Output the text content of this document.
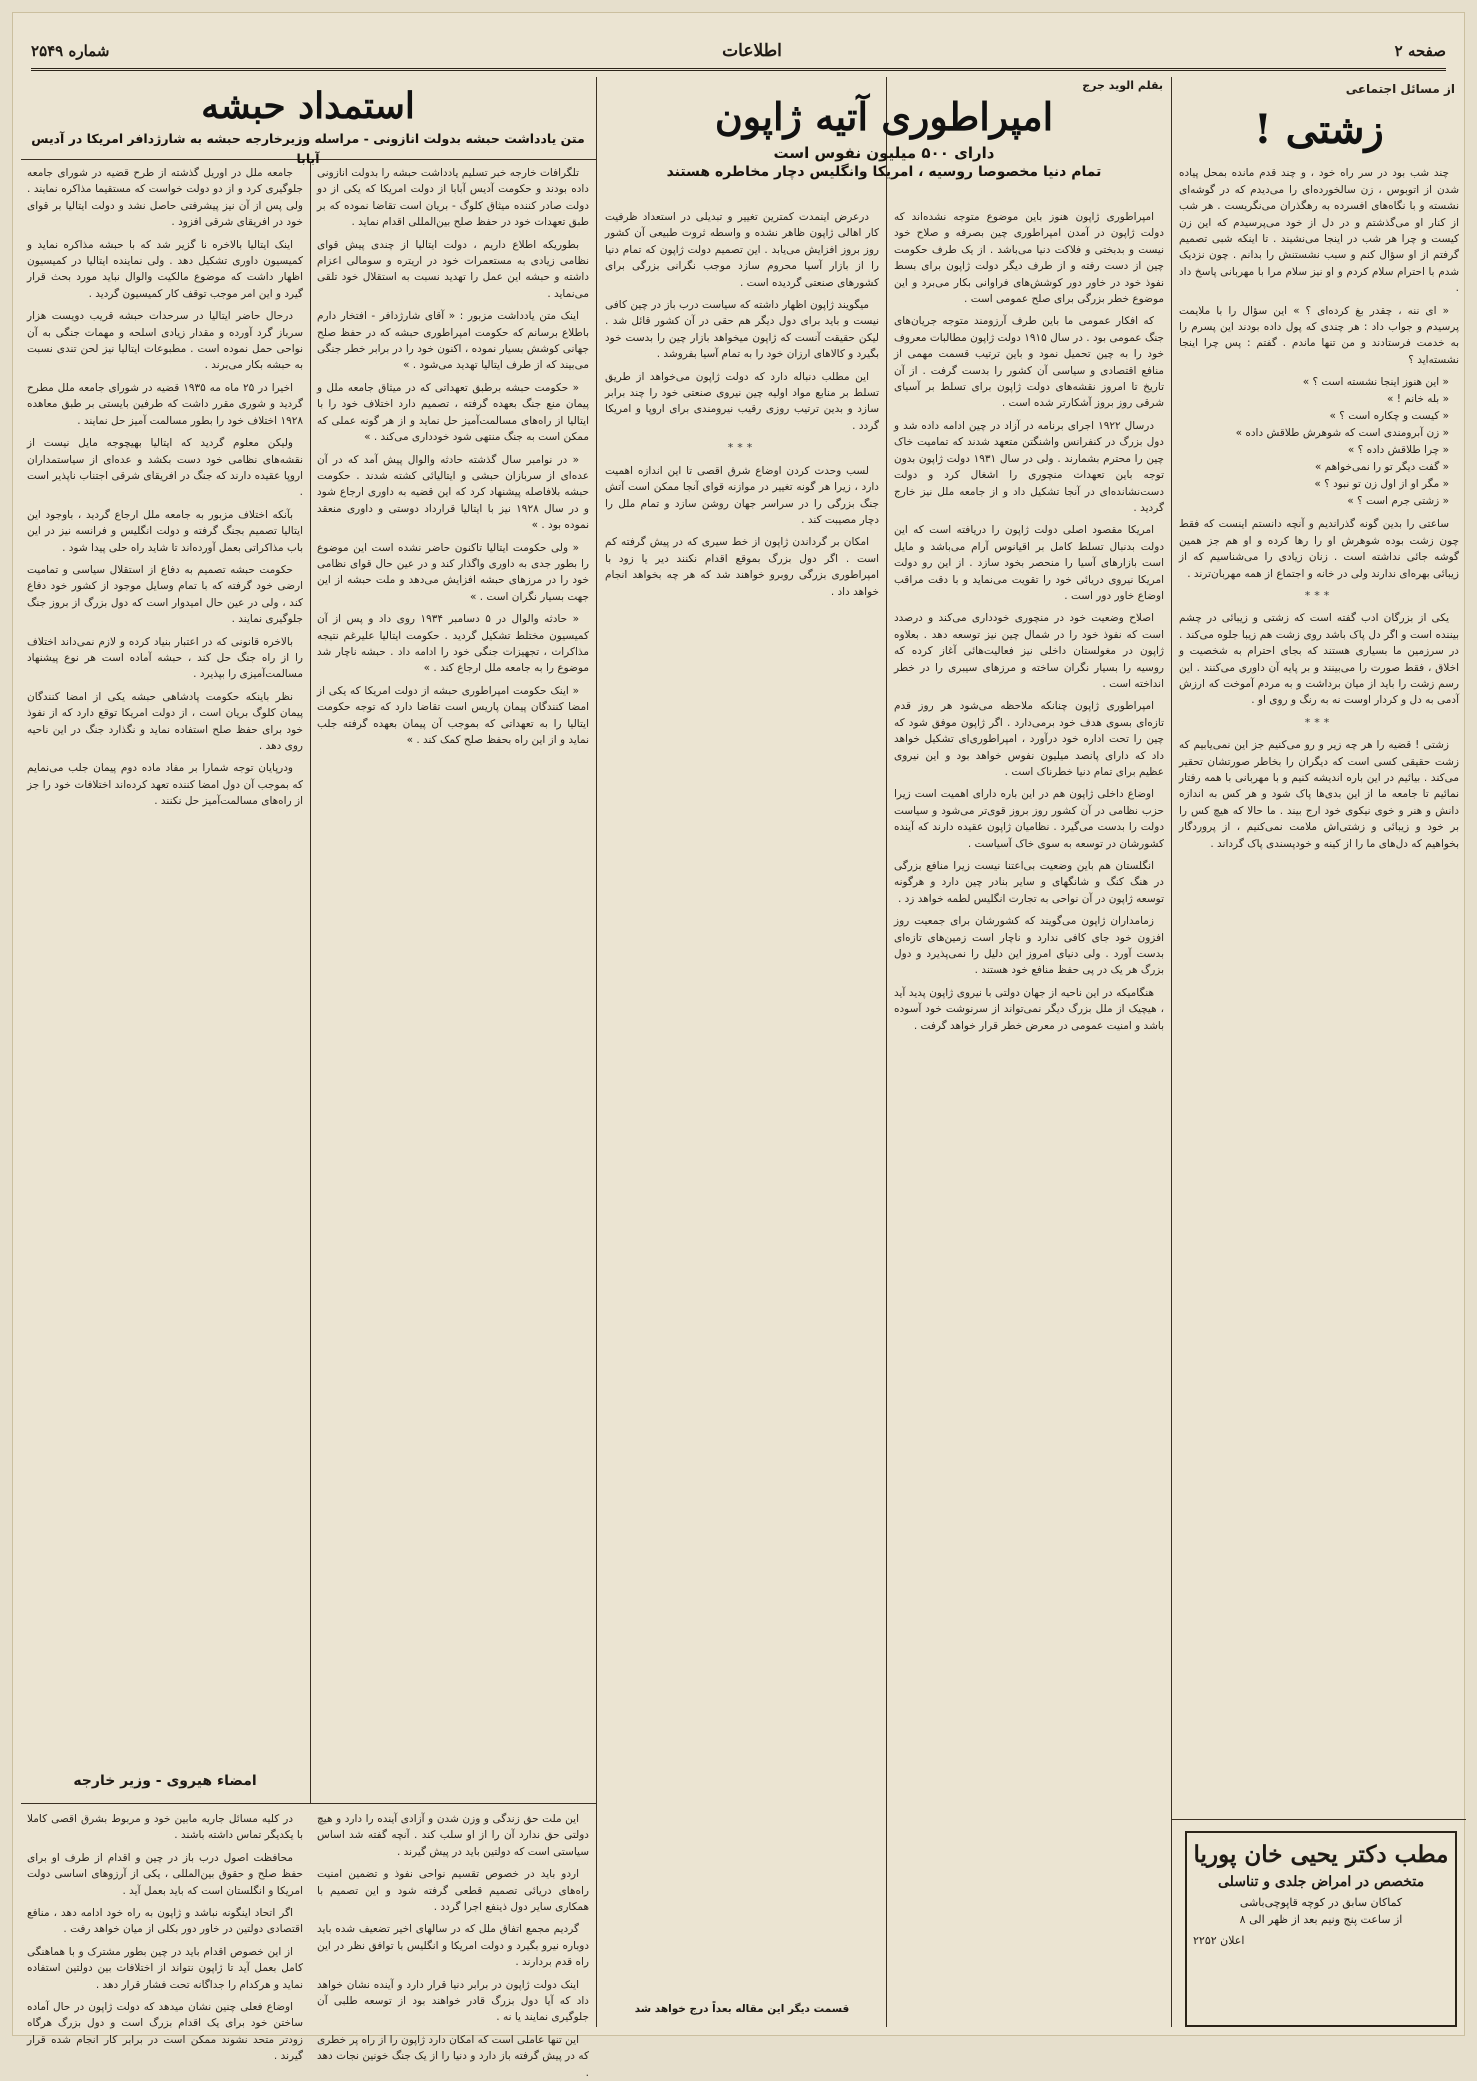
صفحه ۲
اطلاعات
شماره ۲۵۴۹
از مسائل اجتماعی
زشتی !

چند شب بود در سر راه خود ، و چند قدم مانده بمحل پیاده شدن از اتوبوس ، زن سالخورده‌ای را می‌دیدم که در گوشه‌ای نشسته و با نگاه‌های افسرده به رهگذران می‌نگریست . هر شب از کنار او می‌گذشتم و در دل از خود می‌پرسیدم که این زن کیست و چرا هر شب در اینجا می‌نشیند . تا اینکه شبی تصمیم گرفتم از او سؤال کنم و سبب نشستنش را بدانم . چون نزدیک شدم با احترام سلام کردم و او نیز سلام مرا با مهربانی پاسخ داد .

« ای ننه ، چقدر بغ کرده‌ای ؟ » این سؤال را با ملایمت پرسیدم و جواب داد : هر چندی که پول داده بودند این پسرم را به خدمت فرستادند و من تنها ماندم . گفتم : پس چرا اینجا نشسته‌اید ؟

« این هنوز اینجا نشسته است ؟ »
« بله خانم ! »
« کیست و چکاره است ؟ »
« زن آبرومندی است که شوهرش طلاقش داده »
« چرا طلاقش داده ؟ »
« گفت دیگر تو را نمی‌خواهم »
« مگر او از اول زن تو نبود ؟ »
« زشتی جرم است ؟ »

ساعتی را بدین گونه گذراندیم و آنچه دانستم اینست که فقط چون زشت بوده شوهرش او را رها کرده و او هم جز همین گوشه جائی نداشته است . زنان زیادی را می‌شناسیم که از زیبائی بهره‌ای ندارند ولی در خانه و اجتماع از همه مهربان‌ترند .

***

یکی از بزرگان ادب گفته است که زشتی و زیبائی در چشم بیننده است و اگر دل پاک باشد روی زشت هم زیبا جلوه می‌کند . در سرزمین ما بسیاری هستند که بجای احترام به شخصیت و اخلاق ، فقط صورت را می‌بینند و بر پایه آن داوری می‌کنند . این رسم زشت را باید از میان برداشت و به مردم آموخت که ارزش آدمی به دل و کردار اوست نه به رنگ و روی او .

***

زشتی ! قضیه را هر چه زیر و رو می‌کنیم جز این نمی‌یابیم که زشت حقیقی کسی است که دیگران را بخاطر صورتشان تحقیر می‌کند . بیائیم در این باره اندیشه کنیم و با مهربانی با همه رفتار نمائیم تا جامعه ما از این بدی‌ها پاک شود و هر کس به اندازه دانش و هنر و خوی نیکوی خود ارج بیند . ما حالا که هیچ کس را بر خود و زیبائی و زشتی‌اش ملامت نمی‌کنیم ، از پروردگار بخواهیم که دل‌های ما را از کینه و خودپسندی پاک گرداند .

مطب دکتر یحیی خان پوریا
متخصص در امراض جلدی و تناسلی
کماکان سابق در کوچه قاپوچی‌باشی
از ساعت پنج ونیم بعد از ظهر الی ۸
اعلان ۲۲۵۲
بقلم الوید جرج
امپراطوری آتیه ژاپون
دارای ۵۰۰ میلیون نفوس است
تمام دنیا مخصوصا روسیه ، امریکا وانگلیس دچار مخاطره هستند

امپراطوری ژاپون هنوز باین موضوع متوجه نشده‌اند که دولت ژاپون در آمدن امپراطوری چین بصرفه و صلاح خود نیست و بدبختی و فلاکت دنیا می‌باشد . از یک طرف حکومت چین از دست رفته و از طرف دیگر دولت ژاپون برای بسط نفوذ خود در خاور دور کوشش‌های فراوانی بکار می‌برد و این موضوع خطر بزرگی برای صلح عمومی است .

که افکار عمومی ما باین طرف آرزومند متوجه جریان‌های جنگ عمومی بود . در سال ۱۹۱۵ دولت ژاپون مطالبات معروف خود را به چین تحمیل نمود و باین ترتیب قسمت مهمی از منافع اقتصادی و سیاسی آن کشور را بدست گرفت . از آن تاریخ تا امروز نقشه‌های دولت ژاپون برای تسلط بر آسیای شرقی روز بروز آشکارتر شده است .

درسال ۱۹۲۲ اجرای برنامه در آزاد در چین ادامه داده شد و دول بزرگ در کنفرانس واشنگتن متعهد شدند که تمامیت خاک چین را محترم بشمارند . ولی در سال ۱۹۳۱ دولت ژاپون بدون توجه باین تعهدات منچوری را اشغال کرد و دولت دست‌نشانده‌ای در آنجا تشکیل داد و از جامعه ملل نیز خارج گردید .

امریکا مقصود اصلی دولت ژاپون را دریافته است که این دولت بدنبال تسلط کامل بر اقیانوس آرام می‌باشد و مایل است بازارهای آسیا را منحصر بخود سازد . از این رو دولت امریکا نیروی دریائی خود را تقویت می‌نماید و با دقت مراقب اوضاع خاور دور است .

اصلاح وضعیت خود در منچوری خودداری می‌کند و درصدد است که نفوذ خود را در شمال چین نیز توسعه دهد . بعلاوه ژاپون در مغولستان داخلی نیز فعالیت‌هائی آغاز کرده که روسیه را بسیار نگران ساخته و مرزهای سیبری را در خطر انداخته است .

امپراطوری ژاپون چنانکه ملاحظه می‌شود هر روز قدم تازه‌ای بسوی هدف خود برمی‌دارد . اگر ژاپون موفق شود که چین را تحت اداره خود درآورد ، امپراطوری‌ای تشکیل خواهد داد که دارای پانصد میلیون نفوس خواهد بود و این نیروی عظیم برای تمام دنیا خطرناک است .

اوضاع داخلی ژاپون هم در این باره دارای اهمیت است زیرا حزب نظامی در آن کشور روز بروز قوی‌تر می‌شود و سیاست دولت را بدست می‌گیرد . نظامیان ژاپون عقیده دارند که آینده کشورشان در توسعه به سوی خاک آسیاست .

انگلستان هم باین وضعیت بی‌اعتنا نیست زیرا منافع بزرگی در هنگ کنگ و شانگهای و سایر بنادر چین دارد و هرگونه توسعه ژاپون در آن نواحی به تجارت انگلیس لطمه خواهد زد .

زمامداران ژاپون می‌گویند که کشورشان برای جمعیت روز افزون خود جای کافی ندارد و ناچار است زمین‌های تازه‌ای بدست آورد . ولی دنیای امروز این دلیل را نمی‌پذیرد و دول بزرگ هر یک در پی حفظ منافع خود هستند .

هنگامیکه در این ناحیه از جهان دولتی با نیروی ژاپون پدید آید ، هیچیک از ملل بزرگ دیگر نمی‌تواند از سرنوشت خود آسوده باشد و امنیت عمومی در معرض خطر قرار خواهد گرفت .

درعرض اینمدت کمترین تغییر و تبدیلی در استعداد ظرفیت کار اهالی ژاپون ظاهر نشده و واسطه ثروت طبیعی آن کشور روز بروز افزایش می‌یابد . این تصمیم دولت ژاپون که تمام دنیا را از بازار آسیا محروم سازد موجب نگرانی بزرگی برای کشورهای صنعتی گردیده است .

میگویند ژاپون اظهار داشته که سیاست درب باز در چین کافی نیست و باید برای دول دیگر هم حقی در آن کشور قائل شد . لیکن حقیقت آنست که ژاپون میخواهد بازار چین را بدست خود بگیرد و کالاهای ارزان خود را به تمام آسیا بفروشد .

این مطلب دنباله دارد که دولت ژاپون می‌خواهد از طریق تسلط بر منابع مواد اولیه چین نیروی صنعتی خود را چند برابر سازد و بدین ترتیب روزی رقیب نیرومندی برای اروپا و امریکا گردد .

***

لسب وحدت کردن اوضاع شرق اقصی تا این اندازه اهمیت دارد ، زیرا هر گونه تغییر در موازنه قوای آنجا ممکن است آتش جنگ بزرگی را در سراسر جهان روشن سازد و تمام ملل را دچار مصیبت کند .

امکان بر گرداندن ژاپون از خط سیری که در پیش گرفته کم است . اگر دول بزرگ بموقع اقدام نکنند دیر یا زود با امپراطوری بزرگی روبرو خواهند شد که هر چه بخواهد انجام خواهد داد .

قسمت دیگر این مقاله بعداً درج خواهد شد
استمداد حبشه
متن یادداشت حبشه بدولت انازونی - مراسله وزیرخارجه حبشه به شارژدافر امریکا در آدیس آبابا

تلگرافات خارجه خبر تسلیم یادداشت حبشه را بدولت انازونی داده بودند و حکومت آدیس آبابا از دولت امریکا که یکی از دو دولت صادر کننده میثاق کلوگ - بریان است تقاضا نموده که بر طبق تعهدات خود در حفظ صلح بین‌المللی اقدام نماید .

بطوریکه اطلاع داریم ، دولت ایتالیا از چندی پیش قوای نظامی زیادی به مستعمرات خود در اریتره و سومالی اعزام داشته و حبشه این عمل را تهدید نسبت به استقلال خود تلقی می‌نماید .

اینک متن یادداشت مزبور : « آقای شارژدافر - افتخار دارم باطلاع برسانم که حکومت امپراطوری حبشه که در حفظ صلح جهانی کوشش بسیار نموده ، اکنون خود را در برابر خطر جنگی می‌بیند که از طرف ایتالیا تهدید می‌شود . »

« حکومت حبشه برطبق تعهداتی که در میثاق جامعه ملل و پیمان منع جنگ بعهده گرفته ، تصمیم دارد اختلاف خود را با ایتالیا از راه‌های مسالمت‌آمیز حل نماید و از هر گونه عملی که ممکن است به جنگ منتهی شود خودداری می‌کند . »

« در نوامبر سال گذشته حادثه والوال پیش آمد که در آن عده‌ای از سربازان حبشی و ایتالیائی کشته شدند . حکومت حبشه بلافاصله پیشنهاد کرد که این قضیه به داوری ارجاع شود و در سال ۱۹۲۸ نیز با ایتالیا قرارداد دوستی و داوری منعقد نموده بود . »

« ولی حکومت ایتالیا تاکنون حاضر نشده است این موضوع را بطور جدی به داوری واگذار کند و در عین حال قوای نظامی خود را در مرزهای حبشه افزایش می‌دهد و ملت حبشه از این جهت بسیار نگران است . »

« حادثه والوال در ۵ دسامبر ۱۹۳۴ روی داد و پس از آن کمیسیون مختلط تشکیل گردید . حکومت ایتالیا علیرغم نتیجه مذاکرات ، تجهیزات جنگی خود را ادامه داد . حبشه ناچار شد موضوع را به جامعه ملل ارجاع کند . »

« اینک حکومت امپراطوری حبشه از دولت امریکا که یکی از امضا کنندگان پیمان پاریس است تقاضا دارد که توجه حکومت ایتالیا را به تعهداتی که بموجب آن پیمان بعهده گرفته جلب نماید و از این راه بحفظ صلح کمک کند . »

جامعه ملل در اوریل گذشته از طرح قضیه در شورای جامعه جلوگیری کرد و از دو دولت خواست که مستقیما مذاکره نمایند . ولی پس از آن نیز پیشرفتی حاصل نشد و دولت ایتالیا بر قوای خود در افریقای شرقی افزود .

اینک ایتالیا بالاخره نا گزیر شد که با حبشه مذاکره نماید و کمیسیون داوری تشکیل دهد . ولی نماینده ایتالیا در کمیسیون اظهار داشت که موضوع مالکیت والوال نباید مورد بحث قرار گیرد و این امر موجب توقف کار کمیسیون گردید .

درحال حاضر ایتالیا در سرحدات حبشه قریب دویست هزار سرباز گرد آورده و مقدار زیادی اسلحه و مهمات جنگی به آن نواحی حمل نموده است . مطبوعات ایتالیا نیز لحن تندی نسبت به حبشه بکار می‌برند .

اخیرا در ۲۵ ماه مه ۱۹۳۵ قضیه در شورای جامعه ملل مطرح گردید و شوری مقرر داشت که طرفین بایستی بر طبق معاهده ۱۹۲۸ اختلاف خود را بطور مسالمت آمیز حل نمایند .

ولیکن معلوم گردید که ایتالیا بهیچوجه مایل نیست از نقشه‌های نظامی خود دست بکشد و عده‌ای از سیاستمداران اروپا عقیده دارند که جنگ در افریقای شرقی اجتناب ناپذیر است .

بآنکه اختلاف مزبور به جامعه ملل ارجاع گردید ، باوجود این ایتالیا تصمیم بجنگ گرفته و دولت انگلیس و فرانسه نیز در این باب مذاکراتی بعمل آورده‌اند تا شاید راه حلی پیدا شود .

حکومت حبشه تصمیم به دفاع از استقلال سیاسی و تمامیت ارضی خود گرفته که با تمام وسایل موجود از کشور خود دفاع کند ، ولی در عین حال امیدوار است که دول بزرگ از بروز جنگ جلوگیری نمایند .

بالاخره قانونی که در اعتبار بنیاد کرده و لازم نمی‌داند اختلاف را از راه جنگ حل کند ، حبشه آماده است هر نوع پیشنهاد مسالمت‌آمیزی را بپذیرد .

نظر باینکه حکومت پادشاهی حبشه یکی از امضا کنندگان پیمان کلوگ بریان است ، از دولت امریکا توقع دارد که از نفوذ خود برای حفظ صلح استفاده نماید و نگذارد جنگ در این ناحیه روی دهد .

ودرپایان توجه شمارا بر مفاد ماده دوم پیمان جلب می‌نمایم که بموجب آن دول امضا کننده تعهد کرده‌اند اختلافات خود را جز از راه‌های مسالمت‌آمیز حل نکنند .

امضاء هیروی - وزیر خارجه

این ملت حق زندگی و وزن شدن و آزادی آینده را دارد و هیچ دولتی حق ندارد آن را از او سلب کند . آنچه گفته شد اساس سیاستی است که دولتین باید در پیش گیرند .

اردو باید در خصوص تقسیم نواحی نفوذ و تضمین امنیت راه‌های دریائی تصمیم قطعی گرفته شود و این تصمیم با همکاری سایر دول ذینفع اجرا گردد .

گردیم مجمع اتفاق ملل که در سالهای اخیر تضعیف شده باید دوباره نیرو بگیرد و دولت امریکا و انگلیس با توافق نظر در این راه قدم بردارند .

اینک دولت ژاپون در برابر دنیا قرار دارد و آینده نشان خواهد داد که آیا دول بزرگ قادر خواهند بود از توسعه طلبی آن جلوگیری نمایند یا نه .

این تنها عاملی است که امکان دارد ژاپون را از راه پر خطری که در پیش گرفته باز دارد و دنیا را از یک جنگ خونین نجات دهد .

در کلیه مسائل جاریه مابین خود و مربوط بشرق اقصی کاملا با یکدیگر تماس داشته باشند .

محافظت اصول درب باز در چین و اقدام از طرف او برای حفظ صلح و حقوق بین‌المللی ، یکی از آرزوهای اساسی دولت امریکا و انگلستان است که باید بعمل آید .

اگر اتحاد اینگونه نباشد و ژاپون به راه خود ادامه دهد ، منافع اقتصادی دولتین در خاور دور بکلی از میان خواهد رفت .

از این خصوص اقدام باید در چین بطور مشترک و با هماهنگی کامل بعمل آید تا ژاپون نتواند از اختلافات بین دولتین استفاده نماید و هرکدام را جداگانه تحت فشار قرار دهد .

اوضاع فعلی چنین نشان میدهد که دولت ژاپون در حال آماده ساختن خود برای یک اقدام بزرگ است و دول بزرگ هرگاه زودتر متحد نشوند ممکن است در برابر کار انجام شده قرار گیرند .
